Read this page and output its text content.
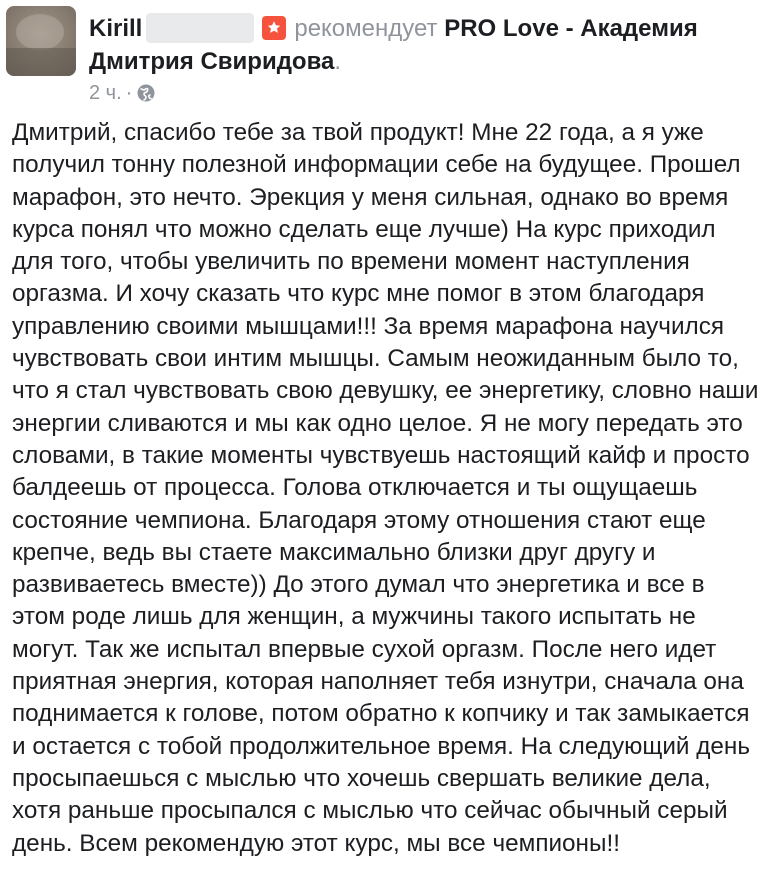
Kirill	рекомендует PRO Love - Академия Дмитрия Свиридова.
2 ч. ·
Дмитрий, спасибо тебе за твой продукт! Мне 22 года, а я уже получил тонну полезной информации себе на будущее. Прошел марафон, это нечто. Эрекция у меня сильная, однако во время курса понял что можно сделать еще лучше) На курс приходил для того, чтобы увеличить по времени момент наступления оргазма. И хочу сказать что курс мне помог в этом благодаря управлению своими мышцами!!! За время марафона научился чувствовать свои интим мышцы. Самым неожиданным было то, что я стал чувствовать свою девушку, ее энергетику, словно наши энергии сливаются и мы как одно целое. Я не могу передать это словами, в такие моменты чувствуешь настоящий кайф и просто балдеешь от процесса. Голова отключается и ты ощущаешь состояние чемпиона. Благодаря этому отношения стают еще крепче, ведь вы стаете максимально близки друг другу и развиваетесь вместе)) До этого думал что энергетика и все в этом роде лишь для женщин, а мужчины такого испытать не могут. Так же испытал впервые сухой оргазм. После него идет приятная энергия, которая наполняет тебя изнутри, сначала она поднимается к голове, потом обратно к копчику и так замыкается и остается с тобой продолжительное время. На следующий день просыпаешься с мыслью что хочешь свершать великие дела, хотя раньше просыпался с мыслью что сейчас обычный серый день. Всем рекомендую этот курс, мы все чемпионы!!
